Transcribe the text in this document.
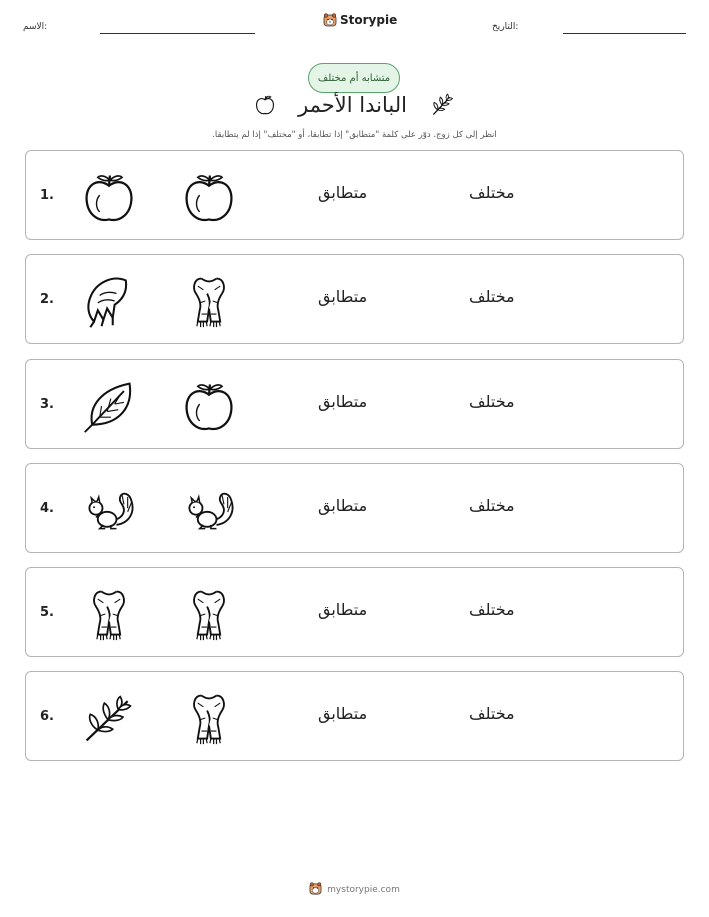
الاسم:	Storypie	التاريخ:
متشابه أم مختلف
الباندا الأحمر
انظر إلى كل زوج. دوّر على كلمة "متطابق" إذا تطابقا، أو "مختلف" إذا لم يتطابقا.
1.	متطابق	مختلف
2.	متطابق	مختلف
3.	متطابق	مختلف
4.	متطابق	مختلف
5.	متطابق	مختلف
6.	متطابق	مختلف
mystorypie.com
